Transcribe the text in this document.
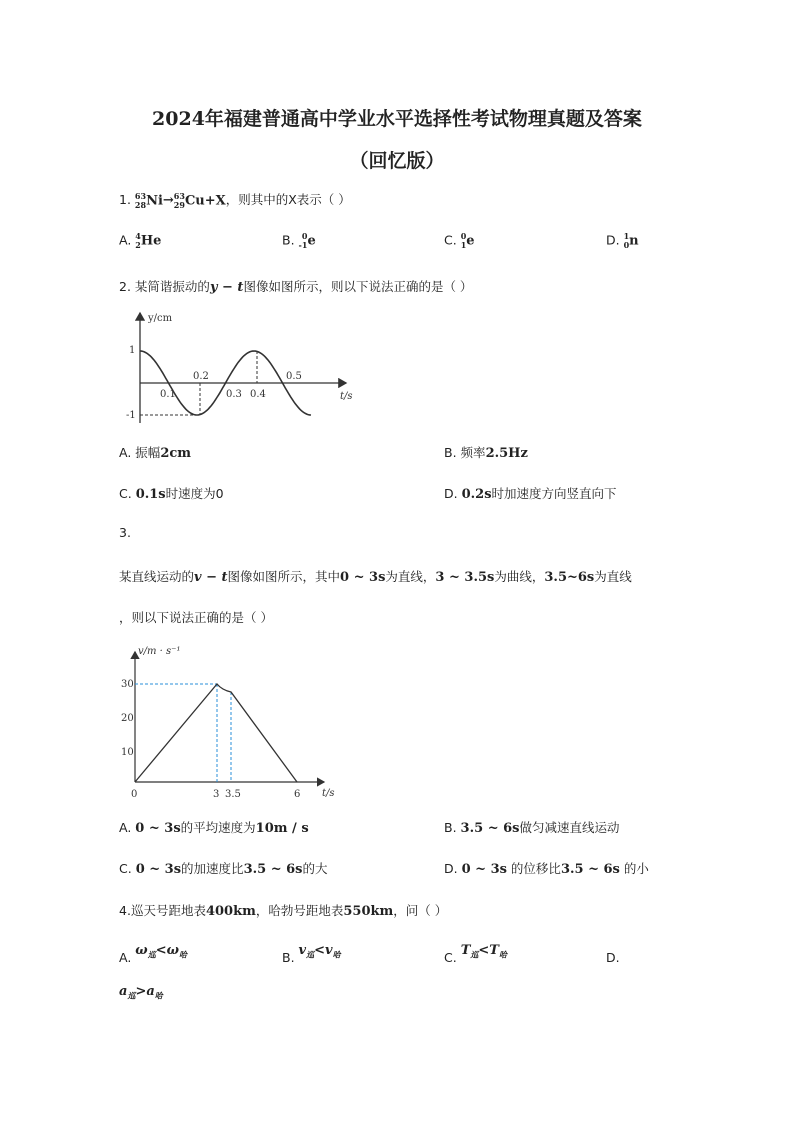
2024年福建普通高中学业水平选择性考试物理真题及答案
（回忆版）
1. 63
28 Ni→ 63
29 Cu+X，则其中的X表示（ ）
A. 4
2 He	B. 0
-1 e	C. 0
1 e	D. 1
0 n
2. 某简谐振动的y − t图像如图所示，则以下说法正确的是（ ）
y/cm
t/s
1
-1
0.1
0.2
0.3 0.4
0.5
A. 振幅2cm	B. 频率2.5Hz
C. 0.1s时速度为0	D. 0.2s时加速度方向竖直向下
3.
某直线运动的v − t图像如图所示，其中0 ~ 3s为直线，3 ~ 3.5s为曲线，3.5~6s为直线
，则以下说法正确的是（ ）
v/m · s⁻¹
t/s
30
20
10
0	3 3.5	6
A. 0 ~ 3s的平均速度为10m / s	B. 3.5 ~ 6s做匀减速直线运动
C. 0 ~ 3s的加速度比3.5 ~ 6s的大	D. 0 ~ 3s 的位移比3.5 ~ 6s 的小
4.巡天号距地表400km，哈勃号距地表550km，问（ ）
A. $\omega_巡<\omega_哈$	B. $v_巡<v_哈$	C. $T_巡<T_哈$	D.
$a_巡>a_哈$
